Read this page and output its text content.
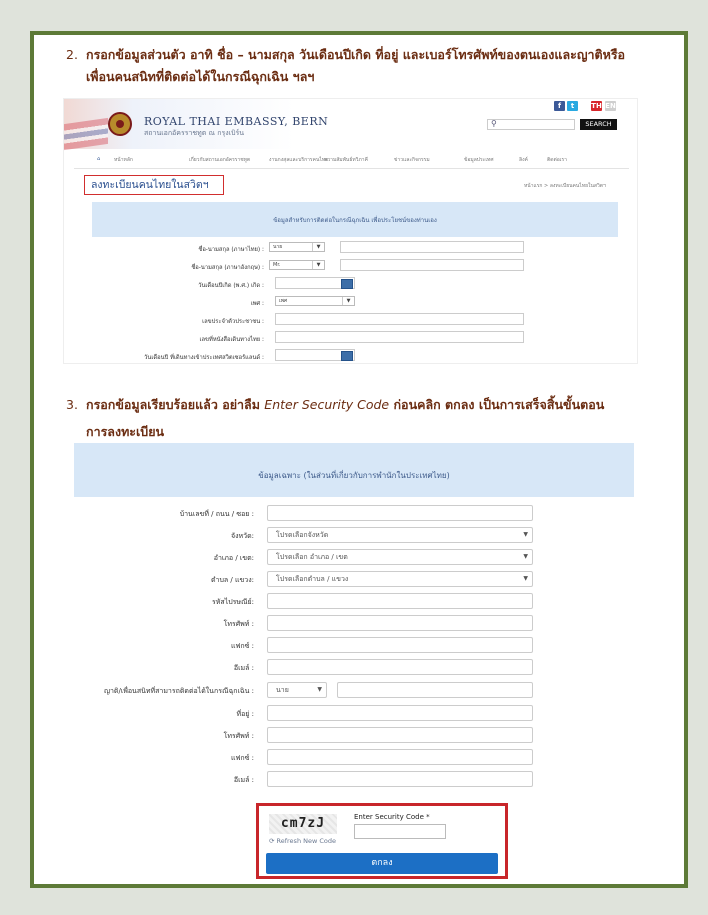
2. กรอกข้อมูลส่วนตัว อาทิ ชื่อ – นามสกุล วันเดือนปีเกิด ที่อยู่ และเบอร์โทรศัพท์ของตนเองและญาติหรือ
เพื่อนคนสนิทที่ติดต่อได้ในกรณีฉุกเฉิน ฯลฯ
ROYAL THAI EMBASSY, BERN
สถานเอกอัครราชทูต ณ กรุงเบิร์น
f	t	TH EN
⚲	SEARCH
⌂	หน้าหลัก	เกี่ยวกับสถานเอกอัครราชทูต	งานกงสุลและบริการคนไทย
ความสัมพันธ์ทวิภาคี	ข่าวและกิจกรรม	ข้อมูลประเทศ	ลิงค์	ติดต่อเรา
ลงทะเบียนคนไทยในสวิตฯ	หน้าแรก > ลงทะเบียนคนไทยในสวิตฯ
ข้อมูลสำหรับการติดต่อในกรณีฉุกเฉิน เพื่อประโยชน์ของท่านเอง
ชื่อ-นามสกุล (ภาษาไทย) :	นาย	▼
ชื่อ-นามสกุล (ภาษาอังกฤษ) :	Mr.	▼
วันเดือนปีเกิด (พ.ศ.) เกิด :
เพศ :	เพศ	▼
เลขประจำตัวประชาชน :
เลขที่หนังสือเดินทางไทย :
วันเดือนปี ที่เดินทางเข้าประเทศสวิตเซอร์แลนด์ :
3. กรอกข้อมูลเรียบร้อยแล้ว อย่าลืม Enter Security Code ก่อนคลิก ตกลง เป็นการเสร็จสิ้นขั้นตอน
การลงทะเบียน
ข้อมูลเฉพาะ (ในส่วนที่เกี่ยวกับการพำนักในประเทศไทย)
บ้านเลขที่ / ถนน / ซอย :
จังหวัด:	โปรดเลือกจังหวัด	▼
อำเภอ / เขต:	โปรดเลือก อำเภอ / เขต	▼
ตำบล / แขวง:	โปรดเลือกตำบล / แขวง	▼
รหัสไปรษณีย์:
โทรศัพท์ :
แฟกซ์ :
อีเมล์ :
ญาติ/เพื่อนสนิทที่สามารถติดต่อได้ในกรณีฉุกเฉิน :	นาย	▼
ที่อยู่ :
โทรศัพท์ :
แฟกซ์ :
อีเมล์ :
cm7zJ
⟳ Refresh New Code
Enter Security Code *
ตกลง
